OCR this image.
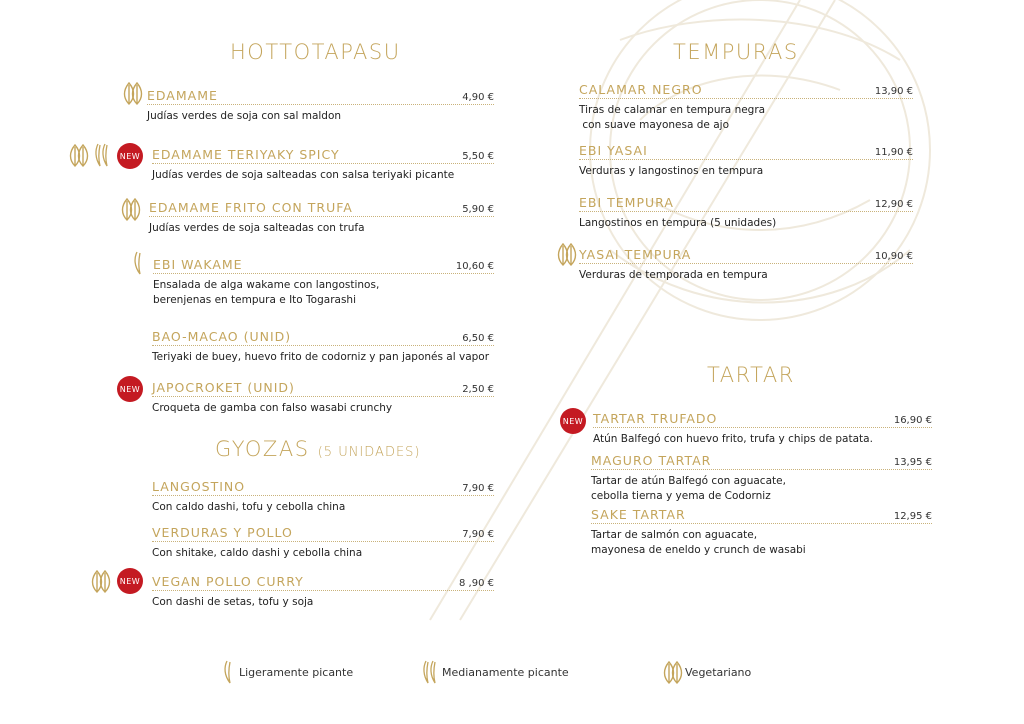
HOTTOTAPASU
EDAMAME	4,90 €
Judías verdes de soja con sal maldon
NEW EDAMAME TERIYAKY SPICY	5,50 €
Judías verdes de soja salteadas con salsa teriyaki picante
EDAMAME FRITO CON TRUFA	5,90 €
Judías verdes de soja salteadas con trufa
EBI WAKAME	10,60 €
Ensalada de alga wakame con langostinos,
berenjenas en tempura e Ito Togarashi
BAO-MACAO (UNID)	6,50 €
Teriyaki de buey, huevo frito de codorniz y pan japonés al vapor
NEW JAPOCROKET (UNID)	2,50 €
Croqueta de gamba con falso wasabi crunchy
GYOZAS (5 UNIDADES)
LANGOSTINO	7,90 €
Con caldo dashi, tofu y cebolla china
VERDURAS Y POLLO	7,90 €
Con shitake, caldo dashi y cebolla china
NEW VEGAN POLLO CURRY	8 ,90 €
Con dashi de setas, tofu y soja
TEMPURAS
CALAMAR NEGRO	13,90 €
Tiras de calamar en tempura negra
con suave mayonesa de ajo
EBI YASAI	11,90 €
Verduras y langostinos en tempura
EBI TEMPURA	12,90 €
Langostinos en tempura (5 unidades)
YASAI TEMPURA	10,90 €
Verduras de temporada en tempura
TARTAR
NEW TARTAR TRUFADO	16,90 €
Atún Balfegó con huevo frito, trufa y chips de patata.
MAGURO TARTAR	13,95 €
Tartar de atún Balfegó con aguacate,
cebolla tierna y yema de Codorniz
SAKE TARTAR	12,95 €
Tartar de salmón con aguacate,
mayonesa de eneldo y crunch de wasabi
Ligeramente picante	Medianamente picante	Vegetariano
